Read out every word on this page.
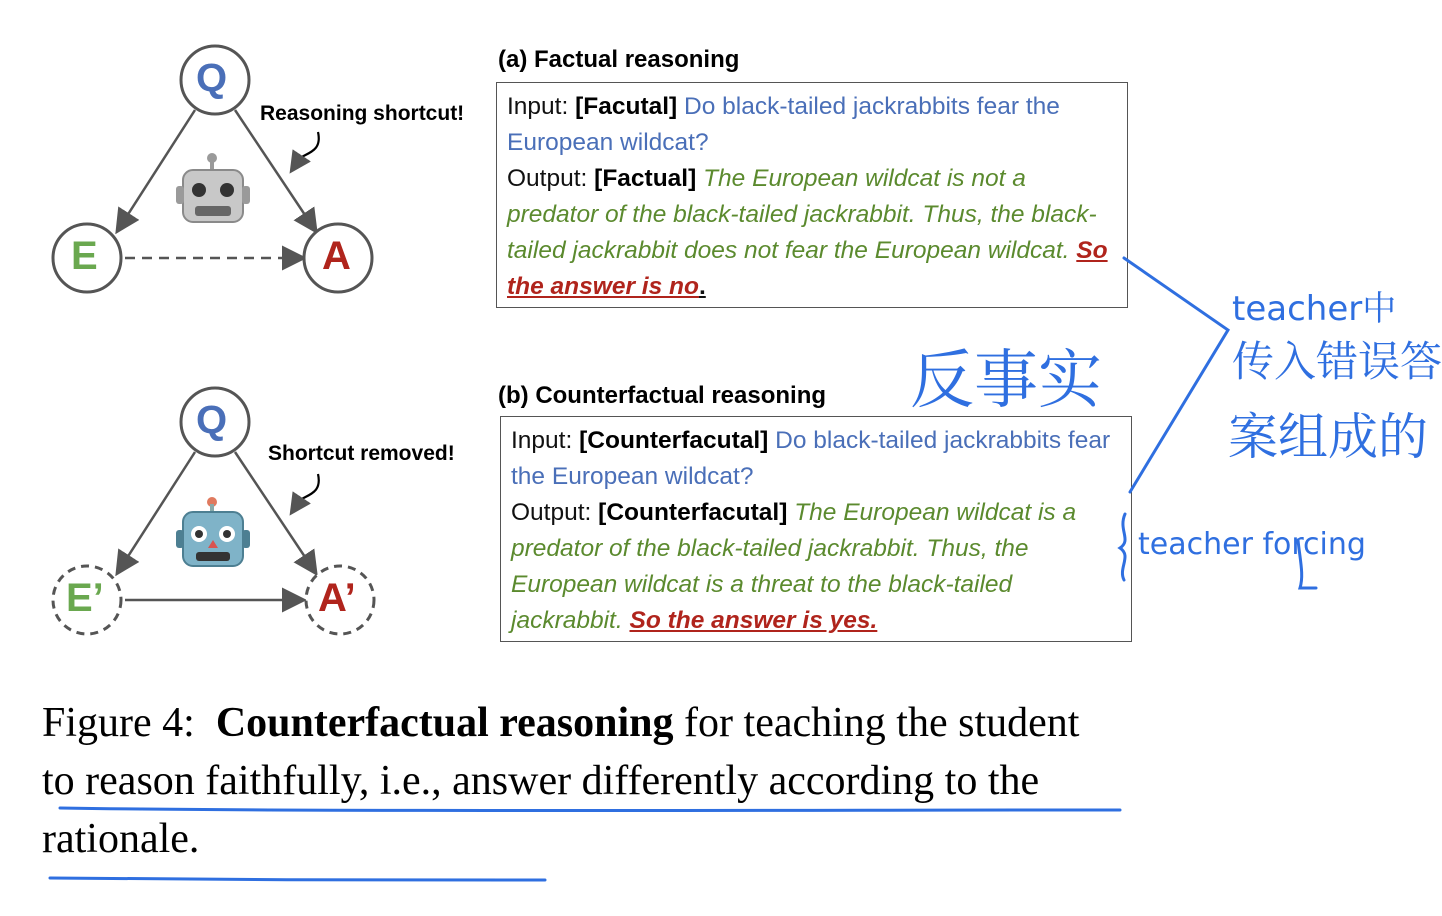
Q
E	A
Reasoning shortcut!
Q
E’	A’
Shortcut removed!
(a) Factual reasoning
Input: [Facutal] Do black-tailed jackrabbits fear the European wildcat?
Output: [Factual] The European wildcat is not a predator of the black-tailed jackrabbit. Thus, the black-tailed jackrabbit does not fear the European wildcat. So the answer is no.
(b) Counterfactual reasoning
Input: [Counterfacutal] Do black-tailed jackrabbits fear the European wildcat?
Output: [Counterfacutal] The European wildcat is a predator of the black-tailed jackrabbit. Thus, the European wildcat is a threat to the black-tailed jackrabbit. So the answer is yes.
Figure 4: Counterfactual reasoning for teaching the student to reason faithfully, i.e., answer differently according to the rationale.
反事实
teacher中
传入错误答
案组成的
teacher forcing
